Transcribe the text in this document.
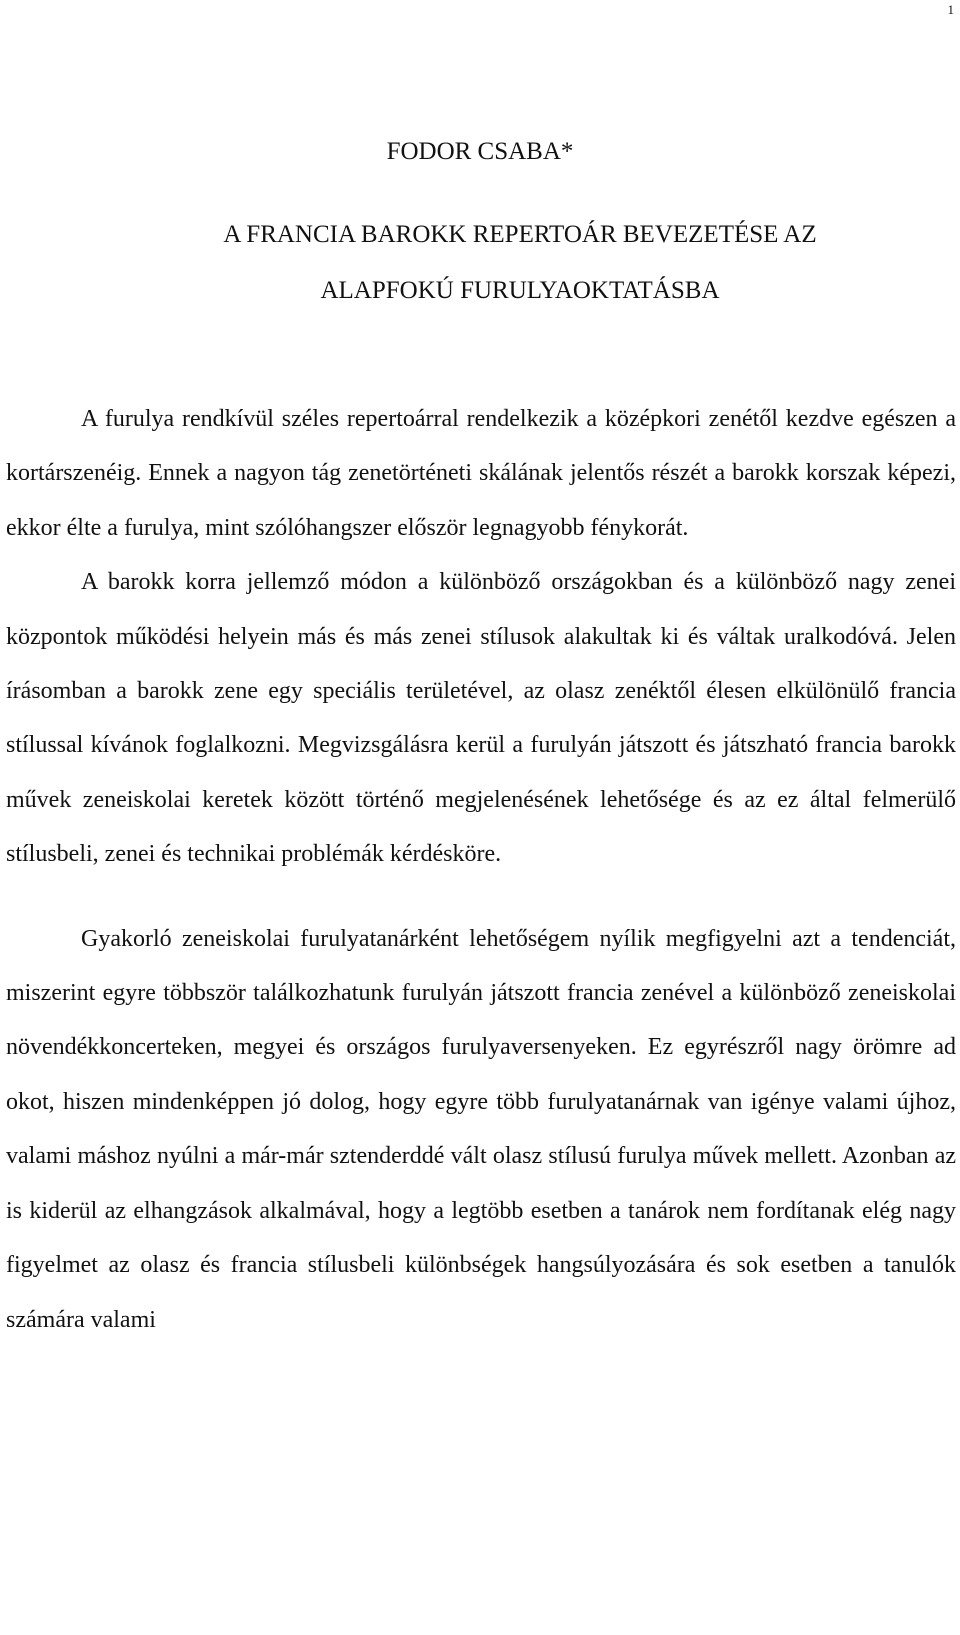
1
FODOR CSABA*
A FRANCIA BAROKK REPERTOÁR BEVEZETÉSE AZ
ALAPFOKÚ FURULYAOKTATÁSBA

A furulya rendkívül széles repertoárral rendelkezik a középkori zenétől kezdve egészen a kortárszenéig. Ennek a nagyon tág zenetörténeti skálának jelentős részét a barokk korszak képezi, ekkor élte a furulya, mint szólóhangszer először legnagyobb fénykorát.

A barokk korra jellemző módon a különböző országokban és a különböző nagy zenei központok működési helyein más és más zenei stílusok alakultak ki és váltak uralkodóvá. Jelen írásomban a barokk zene egy speciális területével, az olasz zenéktől élesen elkülönülő francia stílussal kívánok foglalkozni. Megvizsgálásra kerül a furulyán játszott és játszható francia barokk művek zeneiskolai keretek között történő megjelenésének lehetősége és az ez által felmerülő stílusbeli, zenei és technikai problémák kérdésköre.

Gyakorló zeneiskolai furulyatanárként lehetőségem nyílik megfigyelni azt a tendenciát, miszerint egyre többször találkozhatunk furulyán játszott francia zenével a különböző zeneiskolai növendékkoncerteken, megyei és országos furulyaversenyeken. Ez egyrészről nagy örömre ad okot, hiszen mindenképpen jó dolog, hogy egyre több furulyatanárnak van igénye valami újhoz, valami máshoz nyúlni a már-már sztenderddé vált olasz stílusú furulya művek mellett. Azonban az is kiderül az elhangzások alkalmával, hogy a legtöbb esetben a tanárok nem fordítanak elég nagy figyelmet az olasz és francia stílusbeli különbségek hangsúlyozására és sok esetben a tanulók számára valami
